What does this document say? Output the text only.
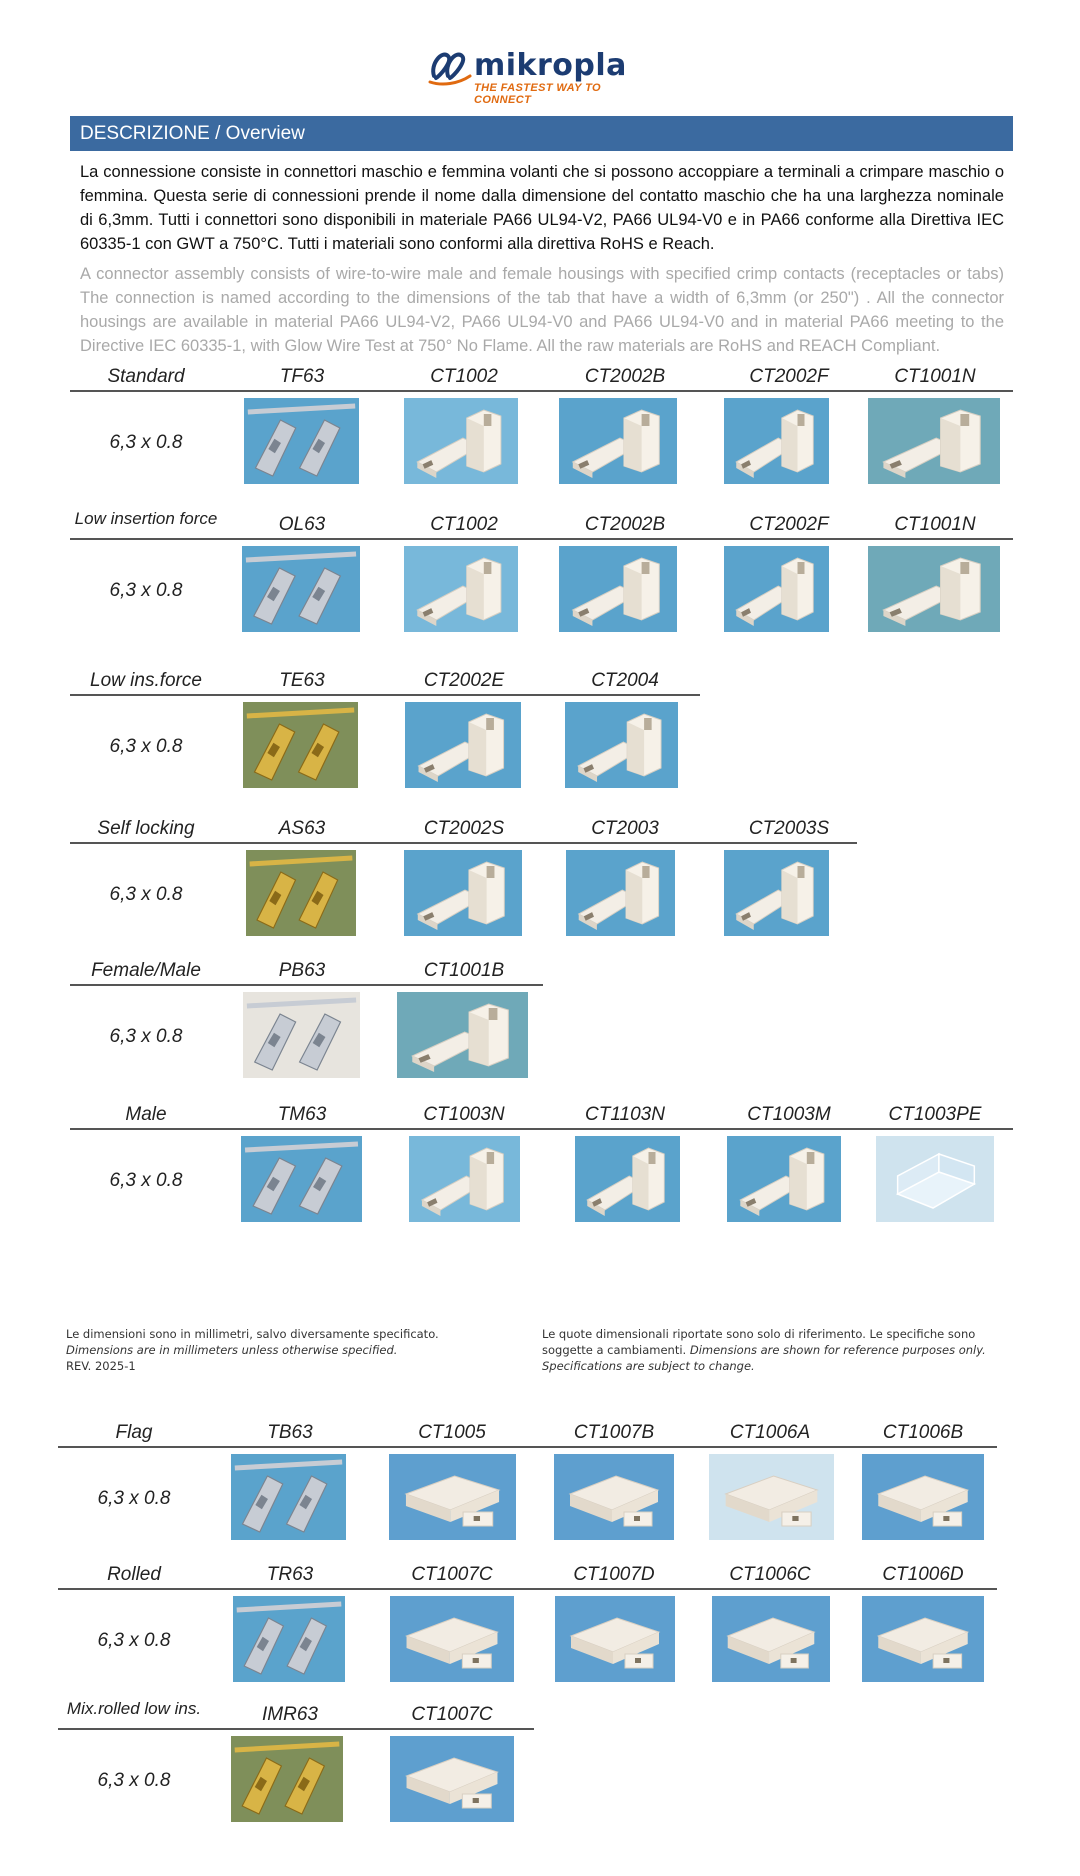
mikropla
THE FASTEST WAY TO CONNECT
DESCRIZIONE / Overview
La connessione consiste in connettori maschio e femmina volanti che si possono accoppiare a terminali a crimpare maschio o femmina. Questa serie di connessioni prende il nome dalla dimensione del contatto maschio che ha una larghezza nominale di 6,3mm. Tutti i connettori sono disponibili in materiale PA66 UL94-V2, PA66 UL94-V0 e in PA66 conforme alla Direttiva IEC 60335-1 con GWT a 750°C. Tutti i materiali sono conformi alla direttiva RoHS e Reach.
A connector assembly consists of wire-to-wire male and female housings with specified crimp contacts (receptacles or tabs) The connection is named according to the dimensions of the tab that have a width of 6,3mm (or 250") . All the connector housings are available in material PA66 UL94-V2, PA66 UL94-V0 and PA66 UL94-V0 and in material PA66 meeting to the Directive IEC 60335-1, with Glow Wire Test at 750° No Flame. All the raw materials are RoHS and REACH Compliant.
Le dimensioni sono in millimetri, salvo diversamente specificato.
Dimensions are in millimeters unless otherwise specified.
REV. 2025-1
Le quote dimensionali riportate sono solo di riferimento. Le specifiche sono
soggette a cambiamenti. Dimensions are shown for reference purposes only.
Specifications are subject to change.
Standard	TF63	CT1002	CT2002B	CT2002F	CT1001N
6,3 x 0.8
Low insertion force	OL63	CT1002	CT2002B	CT2002F	CT1001N
6,3 x 0.8
Low ins.force	TE63	CT2002E	CT2004
6,3 x 0.8
Self locking	AS63	CT2002S	CT2003	CT2003S
6,3 x 0.8
Female/Male	PB63	CT1001B
6,3 x 0.8
Male	TM63	CT1003N	CT1103N	CT1003M	CT1003PE
6,3 x 0.8
Flag	TB63	CT1005	CT1007B	CT1006A	CT1006B
6,3 x 0.8
Rolled	TR63	CT1007C	CT1007D	CT1006C	CT1006D
6,3 x 0.8
Mix.rolled low ins.	IMR63	CT1007C
6,3 x 0.8
